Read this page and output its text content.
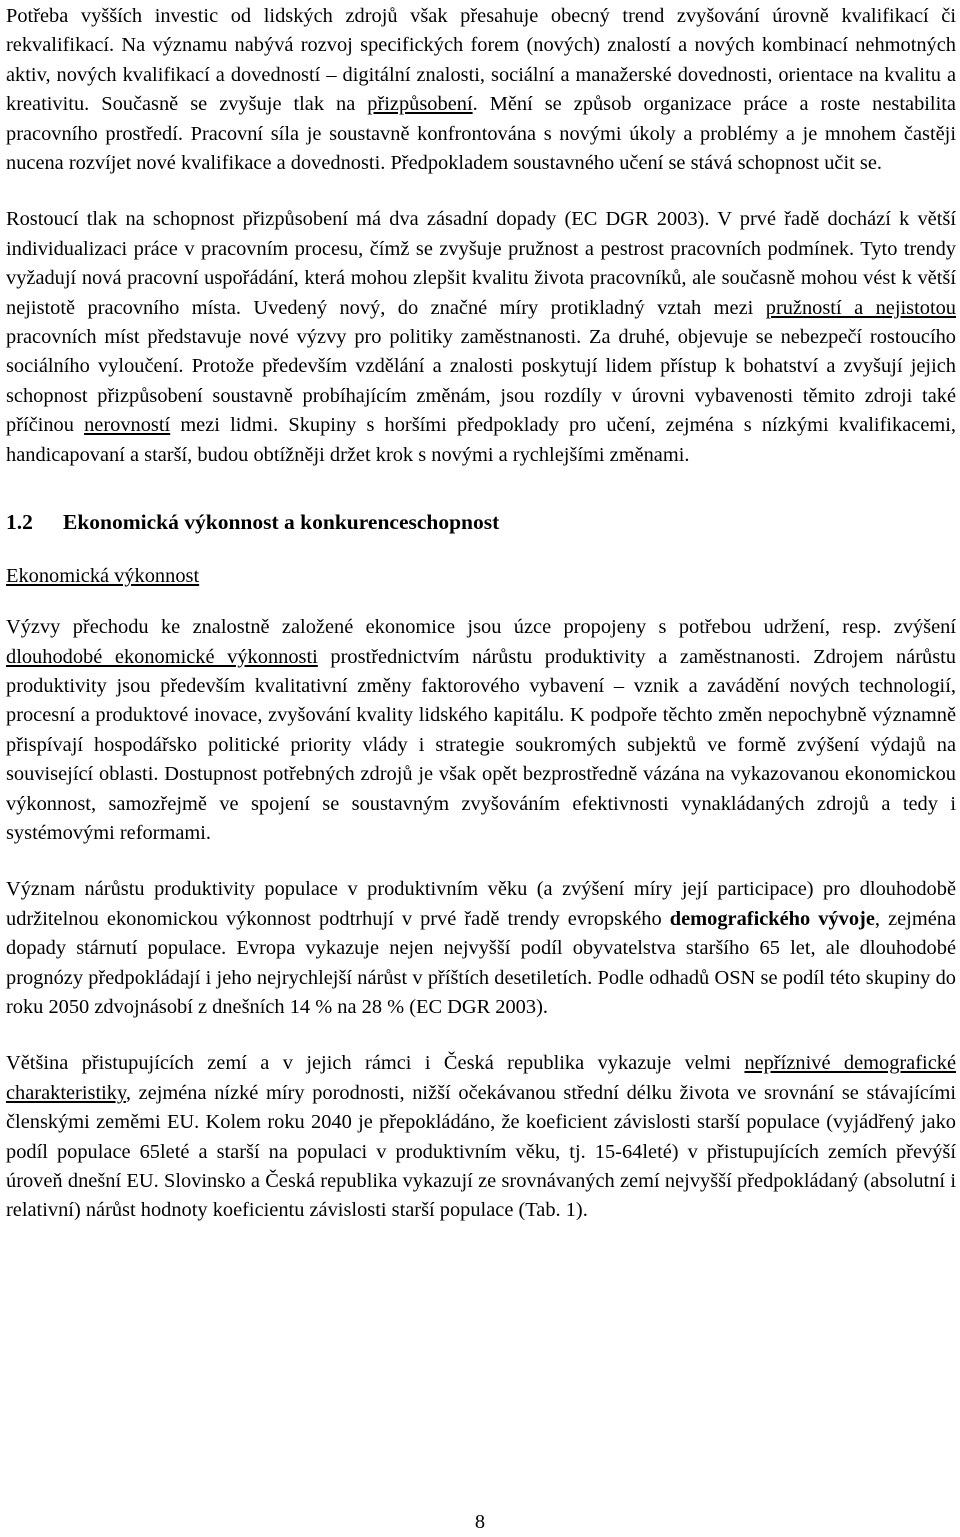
Potřeba vyšších investic od lidských zdrojů však přesahuje obecný trend zvyšování úrovně kvalifikací či rekvalifikací. Na významu nabývá rozvoj specifických forem (nových) znalostí a nových kombinací nehmotných aktiv, nových kvalifikací a dovedností – digitální znalosti, sociální a manažerské dovednosti, orientace na kvalitu a kreativitu. Současně se zvyšuje tlak na přizpůsobení. Mění se způsob organizace práce a roste nestabilita pracovního prostředí. Pracovní síla je soustavně konfrontována s novými úkoly a problémy a je mnohem častěji nucena rozvíjet nové kvalifikace a dovednosti. Předpokladem soustavného učení se stává schopnost učit se.

Rostoucí tlak na schopnost přizpůsobení má dva zásadní dopady (EC DGR 2003). V prvé řadě dochází k větší individualizaci práce v pracovním procesu, čímž se zvyšuje pružnost a pestrost pracovních podmínek. Tyto trendy vyžadují nová pracovní uspořádání, která mohou zlepšit kvalitu života pracovníků, ale současně mohou vést k větší nejistotě pracovního místa. Uvedený nový, do značné míry protikladný vztah mezi pružností a nejistotou pracovních míst představuje nové výzvy pro politiky zaměstnanosti. Za druhé, objevuje se nebezpečí rostoucího sociálního vyloučení. Protože především vzdělání a znalosti poskytují lidem přístup k bohatství a zvyšují jejich schopnost přizpůsobení soustavně probíhajícím změnám, jsou rozdíly v úrovni vybavenosti těmito zdroji také příčinou nerovností mezi lidmi. Skupiny s horšími předpoklady pro učení, zejména s nízkými kvalifikacemi, handicapovaní a starší, budou obtížněji držet krok s novými a rychlejšími změnami.

1.2 Ekonomická výkonnost a konkurenceschopnost
Ekonomická výkonnost

Výzvy přechodu ke znalostně založené ekonomice jsou úzce propojeny s potřebou udržení, resp. zvýšení dlouhodobé ekonomické výkonnosti prostřednictvím nárůstu produktivity a zaměstnanosti. Zdrojem nárůstu produktivity jsou především kvalitativní změny faktorového vybavení – vznik a zavádění nových technologií, procesní a produktové inovace, zvyšování kvality lidského kapitálu. K podpoře těchto změn nepochybně významně přispívají hospodářsko politické priority vlády i strategie soukromých subjektů ve formě zvýšení výdajů na související oblasti. Dostupnost potřebných zdrojů je však opět bezprostředně vázána na vykazovanou ekonomickou výkonnost, samozřejmě ve spojení se soustavným zvyšováním efektivnosti vynakládaných zdrojů a tedy i systémovými reformami.

Význam nárůstu produktivity populace v produktivním věku (a zvýšení míry její participace) pro dlouhodobě udržitelnou ekonomickou výkonnost podtrhují v prvé řadě trendy evropského demografického vývoje, zejména dopady stárnutí populace. Evropa vykazuje nejen nejvyšší podíl obyvatelstva staršího 65 let, ale dlouhodobé prognózy předpokládají i jeho nejrychlejší nárůst v příštích desetiletích. Podle odhadů OSN se podíl této skupiny do roku 2050 zdvojnásobí z dnešních 14 % na 28 % (EC DGR 2003).

Většina přistupujících zemí a v jejich rámci i Česká republika vykazuje velmi nepříznivé demografické charakteristiky, zejména nízké míry porodnosti, nižší očekávanou střední délku života ve srovnání se stávajícími členskými zeměmi EU. Kolem roku 2040 je přepokládáno, že koeficient závislosti starší populace (vyjádřený jako podíl populace 65leté a starší na populaci v produktivním věku, tj. 15-64leté) v přistupujících zemích převýší úroveň dnešní EU. Slovinsko a Česká republika vykazují ze srovnávaných zemí nejvyšší předpokládaný (absolutní i relativní) nárůst hodnoty koeficientu závislosti starší populace (Tab. 1).

8
